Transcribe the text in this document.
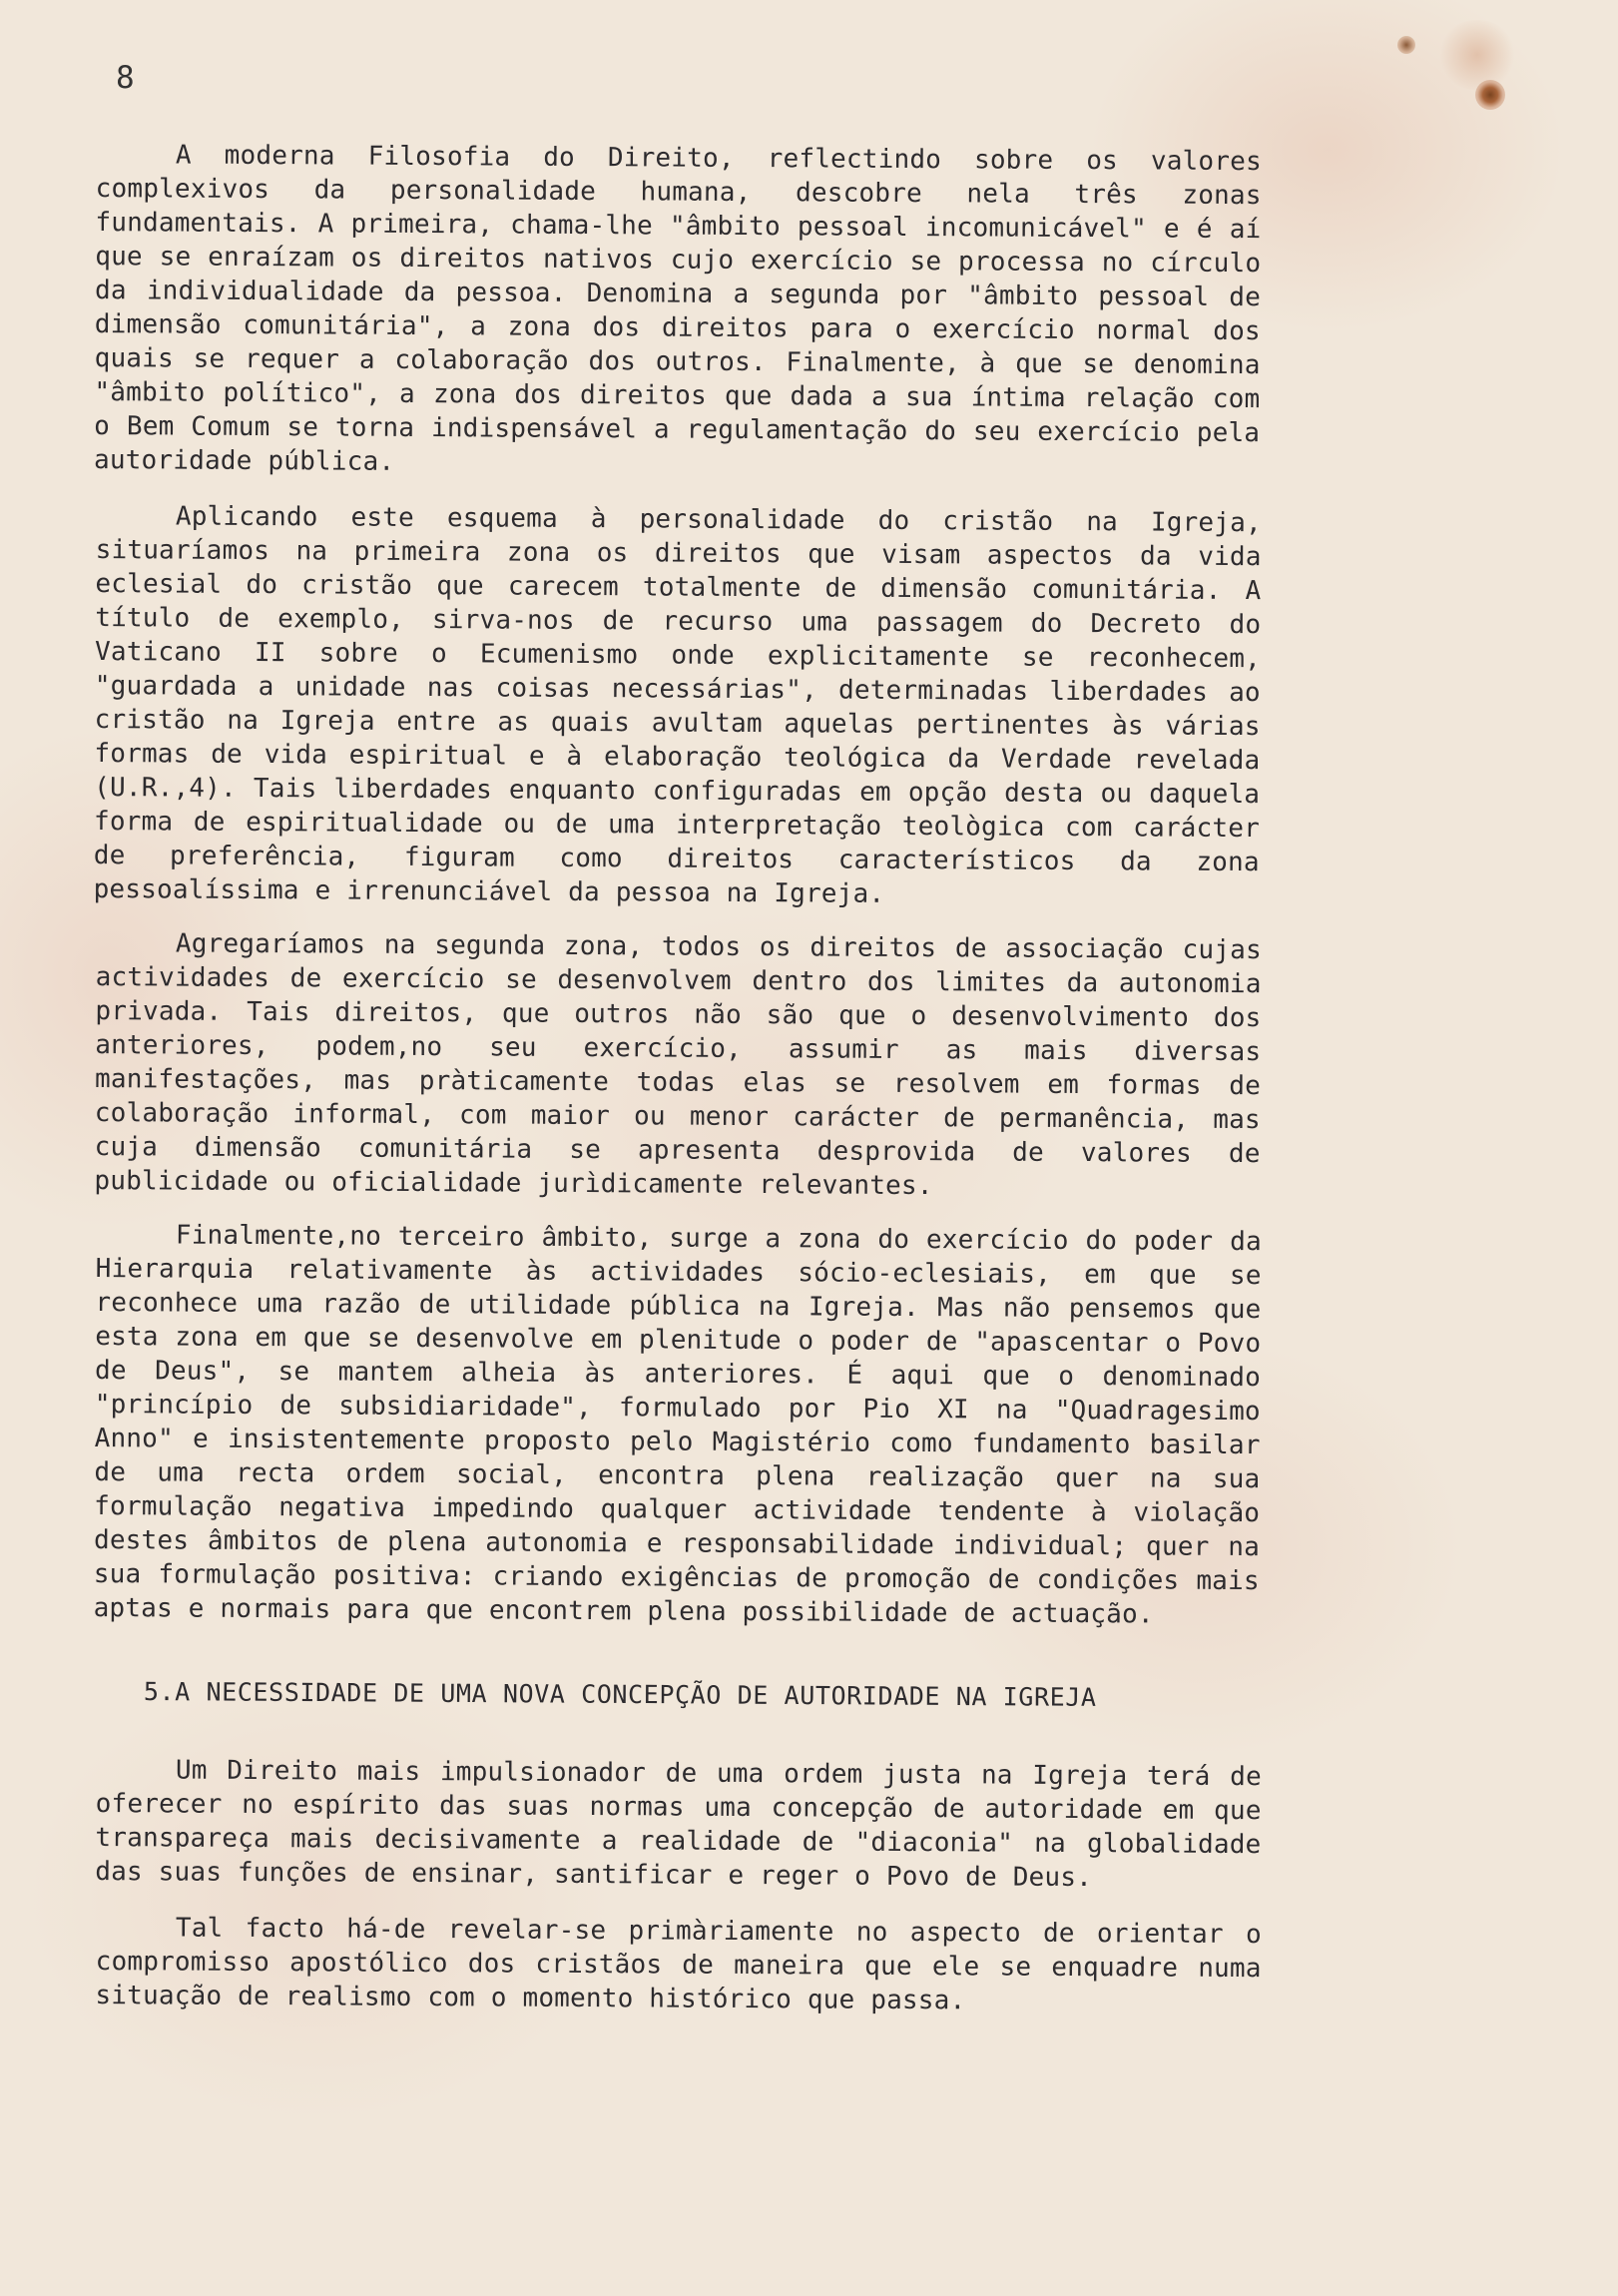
8

A moderna Filosofia do Direito, reflectindo sobre os valores complexivos da personalidade humana, descobre nela três zonas fundamentais. A primeira, chama-lhe "âmbito pessoal incomunicável" e é aí que se enraízam os direitos nativos cujo exercício se processa no círculo da individualidade da pessoa. Denomina a segunda por "âmbito pessoal de dimensão comunitária", a zona dos direitos para o exercício normal dos quais se requer a colaboração dos outros. Finalmente, à que se denomina "âmbito político", a zona dos direitos que dada a sua íntima relação com o Bem Comum se torna indispensável a regulamentação do seu exercício pela autoridade pública.

Aplicando este esquema à personalidade do cristão na Igreja, situaríamos na primeira zona os direitos que visam aspectos da vida eclesial do cristão que carecem totalmente de dimensão comunitária. A título de exemplo, sirva-nos de recurso uma passagem do Decreto do Vaticano II sobre o Ecumenismo onde explicitamente se reconhecem, "guardada a unidade nas coisas necessárias", determinadas liberdades ao cristão na Igreja entre as quais avultam aquelas pertinentes às várias formas de vida espiritual e à elaboração teológica da Verdade revelada (U.R.,4). Tais liberdades enquanto configuradas em opção desta ou daquela forma de espiritualidade ou de uma interpretação teològica com carácter de preferência, figuram como direitos característicos da zona pessoalíssima e irrenunciável da pessoa na Igreja.

Agregaríamos na segunda zona, todos os direitos de associação cujas actividades de exercício se desenvolvem dentro dos limites da autonomia privada. Tais direitos, que outros não são que o desenvolvimento dos anteriores, podem,no seu exercício, assumir as mais diversas manifestações, mas pràticamente todas elas se resolvem em formas de colaboração informal, com maior ou menor carácter de permanência, mas cuja dimensão comunitária se apresenta desprovida de valores de publicidade ou oficialidade jurìdicamente relevantes.

Finalmente,no terceiro âmbito, surge a zona do exercício do poder da Hierarquia relativamente às actividades sócio-eclesiais, em que se reconhece uma razão de utilidade pública na Igreja. Mas não pensemos que esta zona em que se desenvolve em plenitude o poder de "apascentar o Povo de Deus", se mantem alheia às anteriores. É aqui que o denominado "princípio de subsidiaridade", formulado por Pio XI na "Quadragesimo Anno" e insistentemente proposto pelo Magistério como fundamento basilar de uma recta ordem social, encontra plena realização quer na sua formulação negativa impedindo qualquer actividade tendente à violação destes âmbitos de plena autonomia e responsabilidade individual; quer na sua formulação positiva: criando exigências de promoção de condições mais aptas e normais para que encontrem plena possibilidade de actuação.

5.A NECESSIDADE DE UMA NOVA CONCEPÇÃO DE AUTORIDADE NA IGREJA

Um Direito mais impulsionador de uma ordem justa na Igreja terá de oferecer no espírito das suas normas uma concepção de autoridade em que transpareça mais decisivamente a realidade de "diaconia" na globalidade das suas funções de ensinar, santificar e reger o Povo de Deus.

Tal facto há-de revelar-se primàriamente no aspecto de orientar o compromisso apostólico dos cristãos de maneira que ele se enquadre numa situação de realismo com o momento histórico que passa.
